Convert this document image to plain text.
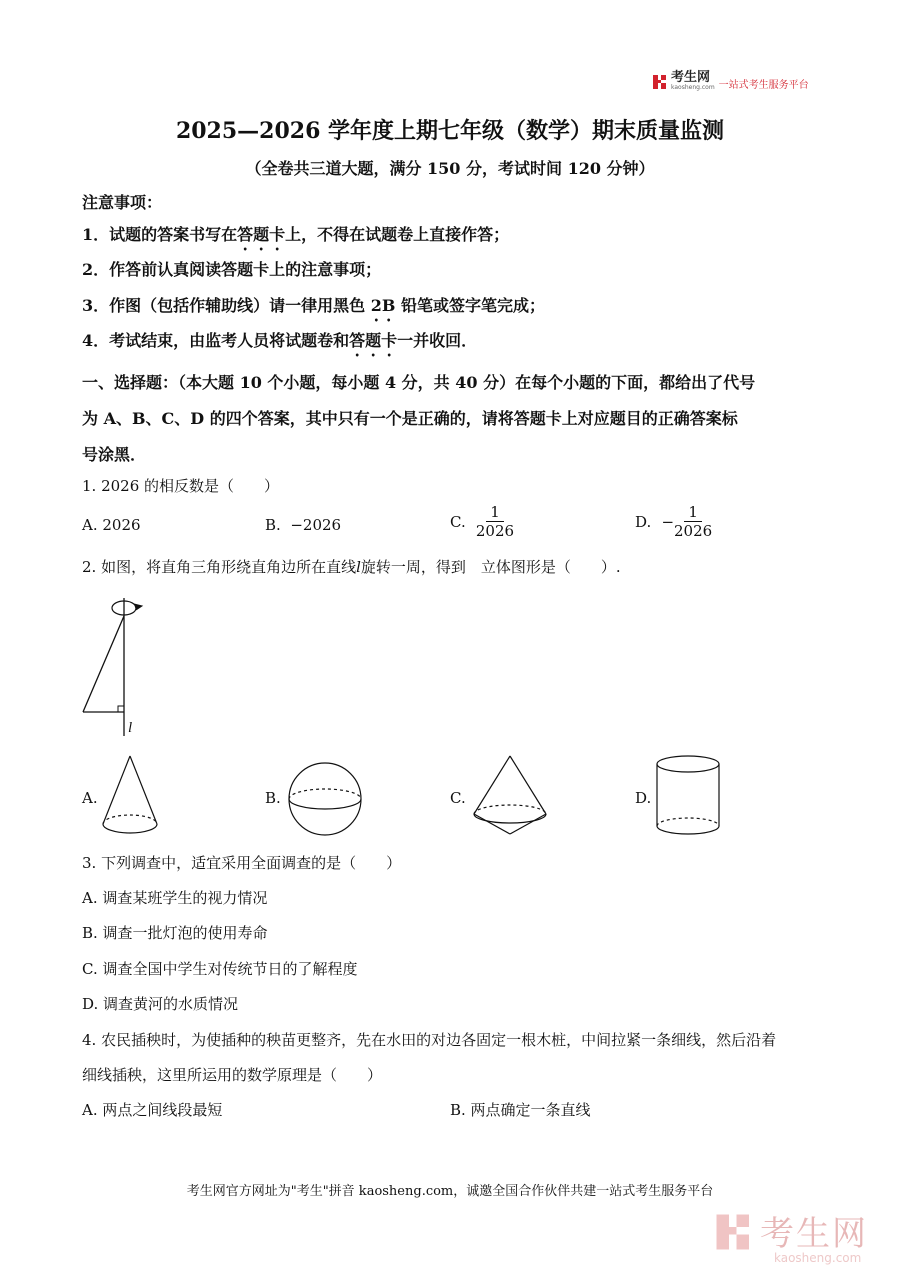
考生网
kaosheng.com 一站式考生服务平台
2025—2026 学年度上期七年级（数学）期末质量监测
（全卷共三道大题，满分 150 分，考试时间 120 分钟）
注意事项：
1．试题的答案书写在答题卡上，不得在试题卷上直接作答；
2．作答前认真阅读答题卡上的注意事项；
3．作图（包括作辅助线）请一律用黑色 2B 铅笔或签字笔完成；
4．考试结束，由监考人员将试题卷和答题卡一并收回．
一、选择题：（本大题 10 个小题，每小题 4 分，共 40 分）在每个小题的下面，都给出了代号
为 A、B、C、D 的四个答案，其中只有一个是正确的，请将答题卡上对应题目的正确答案标
号涂黑．
1. 2026 的相反数是（　　）
A. 2026	B. −2026	C.
$\frac{1}{2026}$	D.
− $\frac{1}{2026}$
2. 如图，将直角三角形绕直角边所在直线l旋转一周，得到　立体图形是（　　）.
l
A.	B.	C.	D.
3. 下列调查中，适宜采用全面调查的是（　　）
A. 调查某班学生的视力情况
B. 调查一批灯泡的使用寿命
C. 调查全国中学生对传统节日的了解程度
D. 调查黄河的水质情况
4. 农民插秧时，为使插种的秧苗更整齐，先在水田的对边各固定一根木桩，中间拉紧一条细线，然后沿着
细线插秧，这里所运用的数学原理是（　　）
A. 两点之间线段最短	B. 两点确定一条直线
考生网官方网址为"考生"拼音 kaosheng.com，诚邀全国合作伙伴共建一站式考生服务平台
考生网
kaosheng.com
